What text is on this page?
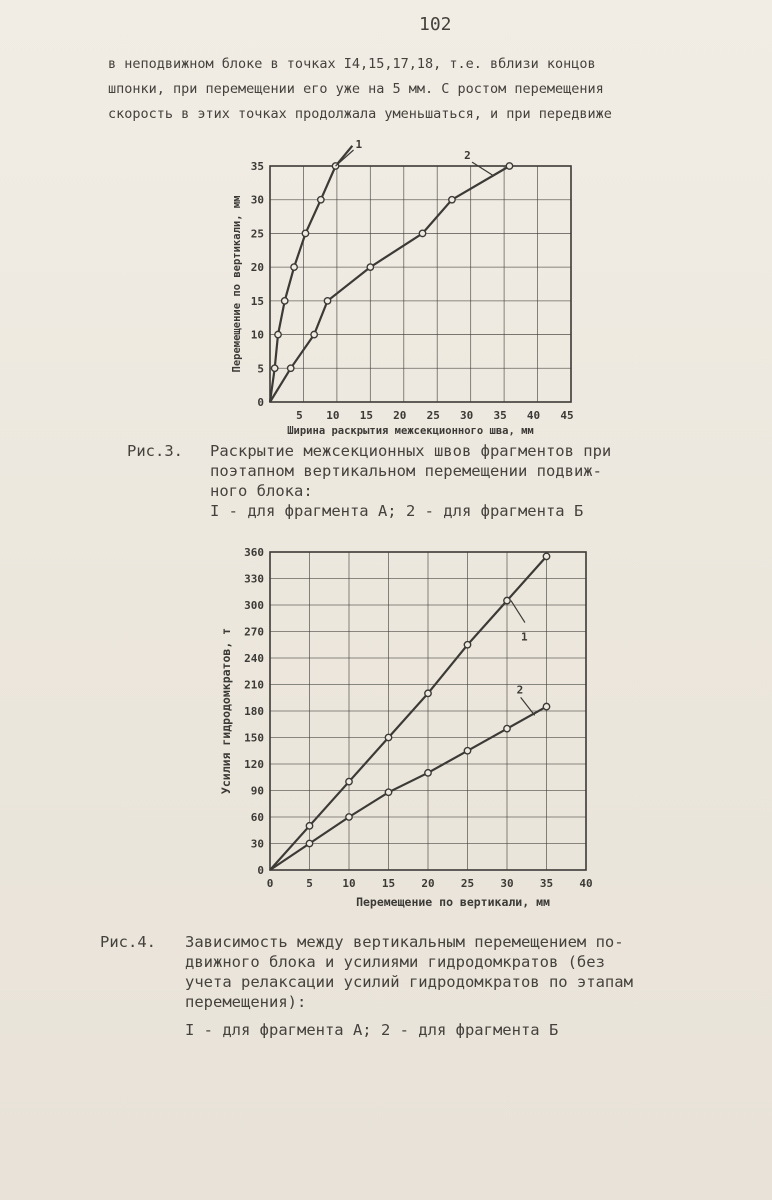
102
в неподвижном блоке в точках I4,15,17,18, т.е. вблизи концов
шпонки, при перемещении его уже на 5 мм. С ростом перемещения
скорость в этих точках продолжала уменьшаться, и при передвиже
5 10 15 20 25 30 35 40 45
0
5
10
15
20
25
30
35
Ширина раскрытия межсекционного шва, мм
Перемещение по вертикали, мм
1
2
Рис.3. Раскрытие межсекционных швов фрагментов при
поэтапном вертикальном перемещении подвиж-
ного блока:
I - для фрагмента А; 2 - для фрагмента Б
0	5	10 15 20 25 30 35 40
0
30
60
90
120
150
180
210
240
270
300
330
360
Перемещение по вертикали, мм
Усилия гидродомкратов, т	1
2
Рис.4. Зависимость между вертикальным перемещением по-
движного блока и усилиями гидродомкратов (без
учета релаксации усилий гидродомкратов по этапам
перемещения):
I - для фрагмента А; 2 - для фрагмента Б
